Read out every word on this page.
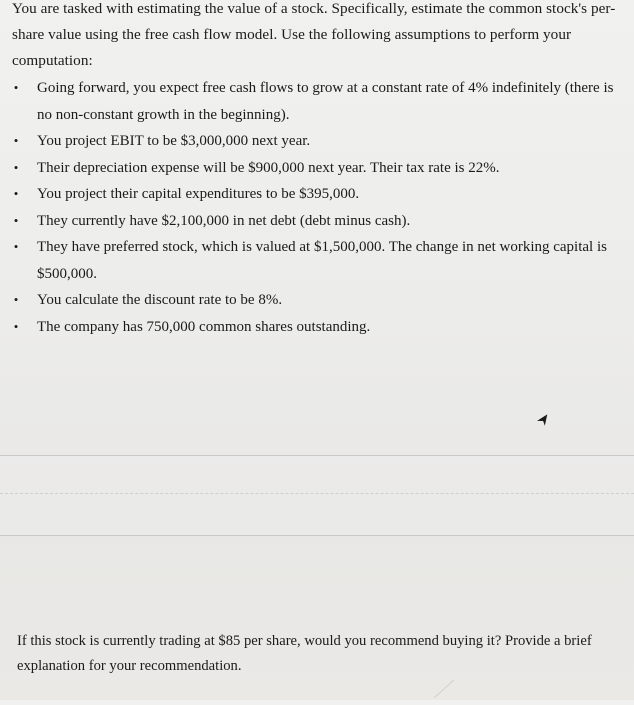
You are tasked with estimating the value of a stock. Specifically, estimate the common stock's per-share value using the free cash flow model. Use the following assumptions to perform your computation:

• Going forward, you expect free cash flows to grow at a constant rate of 4% indefinitely (there is no non-constant growth in the beginning).
• You project EBIT to be $3,000,000 next year.
• Their depreciation expense will be $900,000 next year. Their tax rate is 22%.
• You project their capital expenditures to be $395,000.
• They currently have $2,100,000 in net debt (debt minus cash).
• They have preferred stock, which is valued at $1,500,000. The change in net working capital is $500,000.
• You calculate the discount rate to be 8%.
• The company has 750,000 common shares outstanding.

If this stock is currently trading at $85 per share, would you recommend buying it? Provide a brief explanation for your recommendation.
